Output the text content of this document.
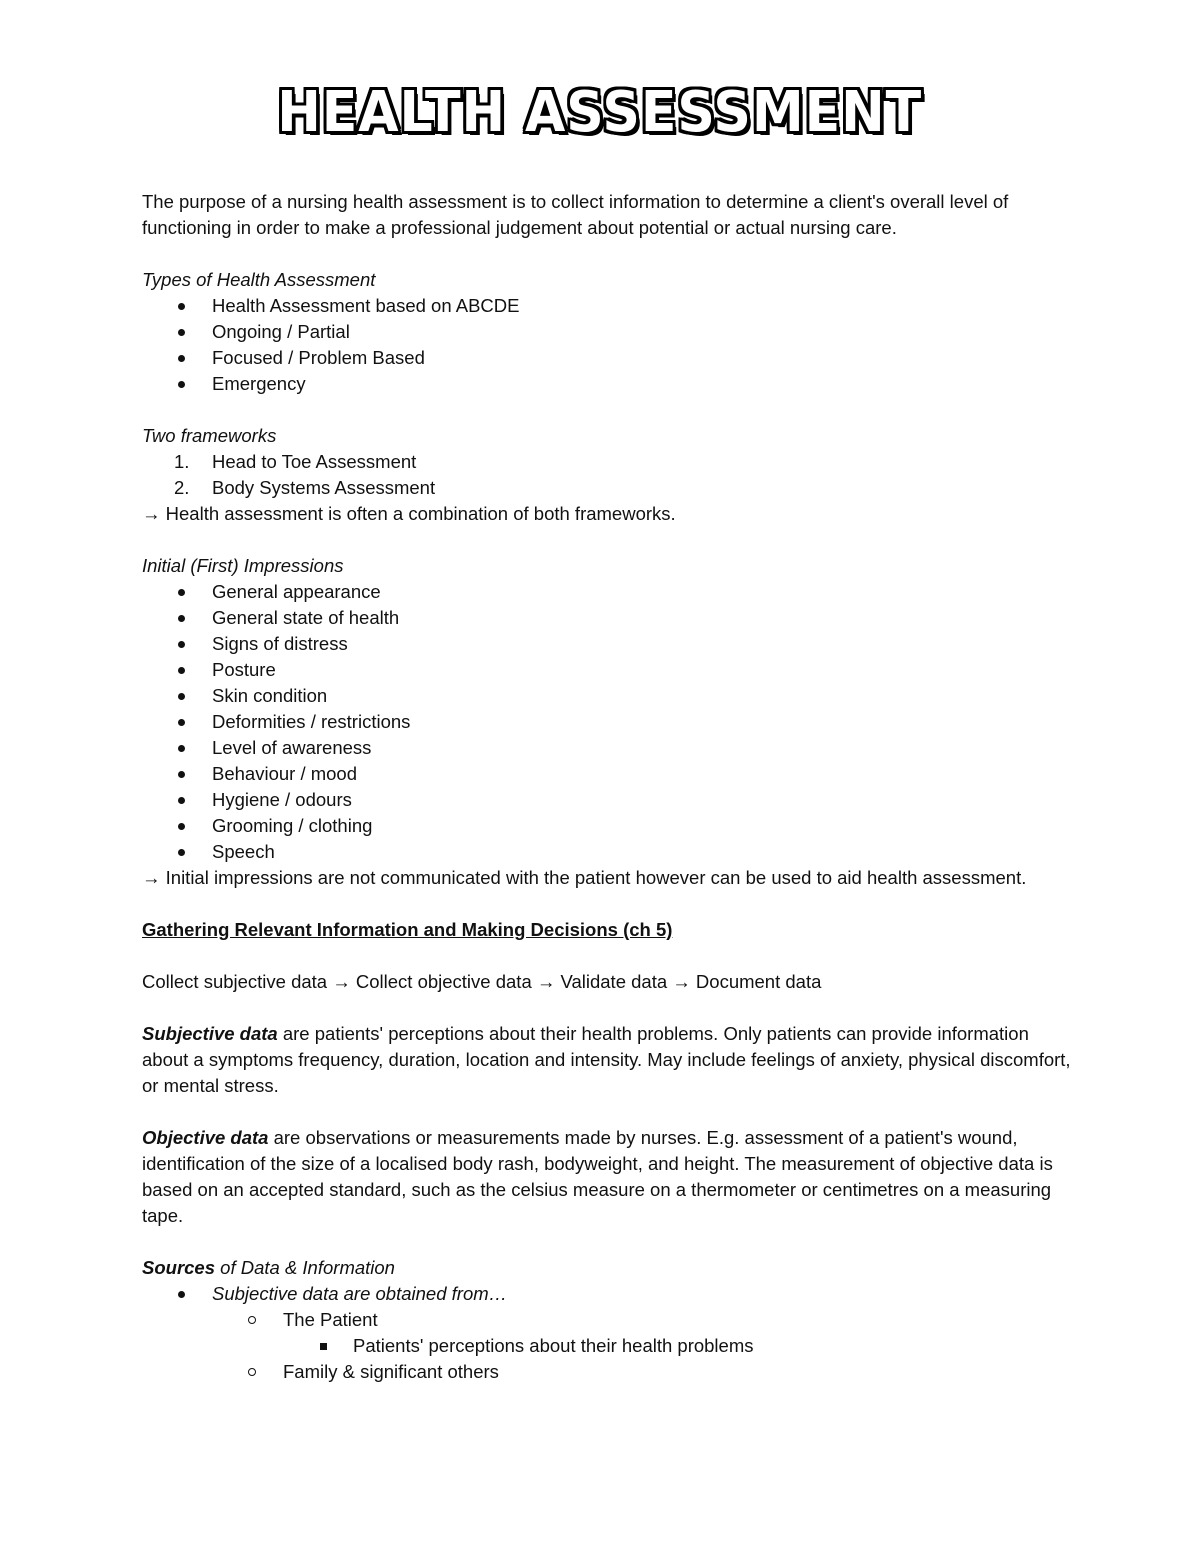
HEALTH ASSESSMENT

The purpose of a nursing health assessment is to collect information to determine a client's overall level of functioning in order to make a professional judgement about potential or actual nursing care.

Types of Health Assessment

Health Assessment based on ABCDE
Ongoing / Partial
Focused / Problem Based
Emergency

Two frameworks

1. Head to Toe Assessment
2. Body Systems Assessment

→ Health assessment is often a combination of both frameworks.

Initial (First) Impressions

General appearance
General state of health
Signs of distress
Posture
Skin condition
Deformities / restrictions
Level of awareness
Behaviour / mood
Hygiene / odours
Grooming / clothing
Speech

→ Initial impressions are not communicated with the patient however can be used to aid health assessment.

Gathering Relevant Information and Making Decisions (ch 5)

Collect subjective data → Collect objective data → Validate data → Document data

Subjective data are patients' perceptions about their health problems. Only patients can provide information about a symptoms frequency, duration, location and intensity. May include feelings of anxiety, physical discomfort, or mental stress.

Objective data are observations or measurements made by nurses. E.g. assessment of a patient's wound, identification of the size of a localised body rash, bodyweight, and height. The measurement of objective data is based on an accepted standard, such as the celsius measure on a thermometer or centimetres on a measuring tape.

Sources of Data & Information

Subjective data are obtained from…
The Patient
Patients' perceptions about their health problems
Family & significant others
